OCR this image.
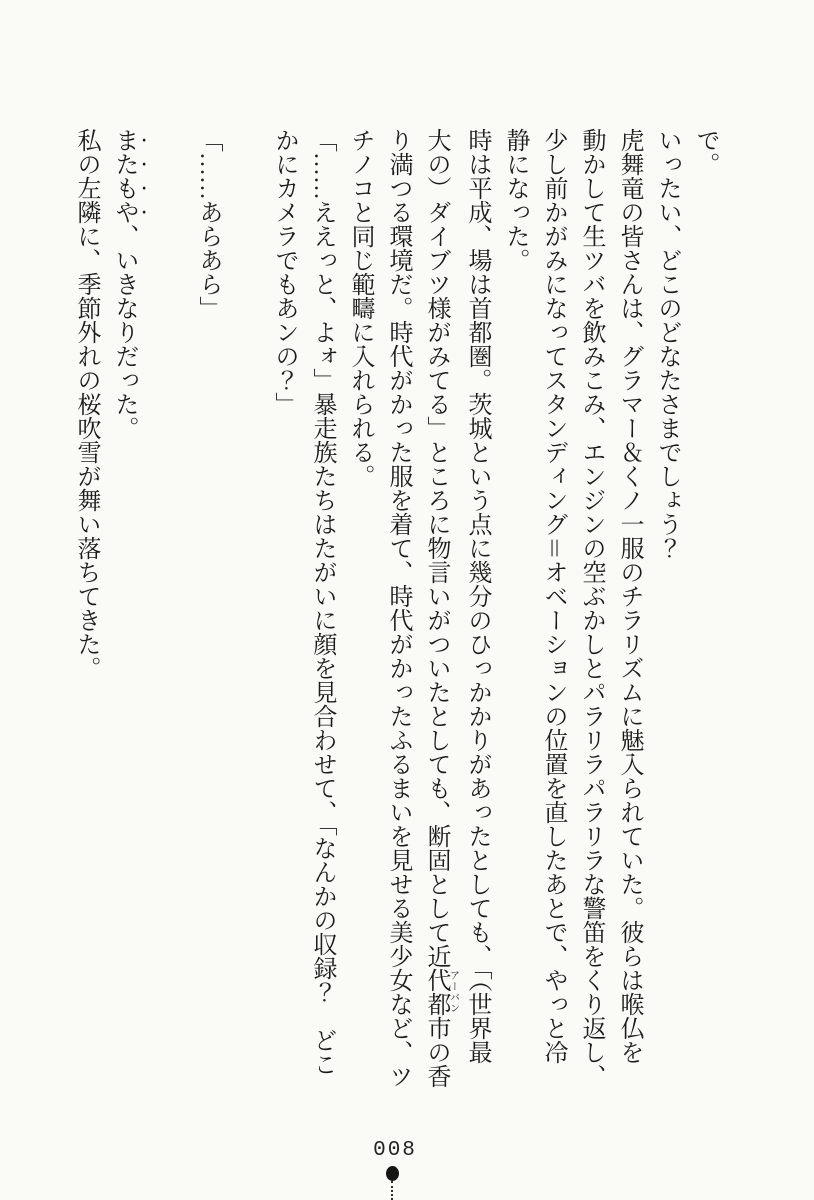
で。
いったい、どこのどなたさまでしょう？
虎舞竜の皆さんは、グラマー＆くノ一服のチラリズムに魅入られていた。彼らは喉仏を
動かして生ツバを飲みこみ、エンジンの空ぶかしとパラリラパラリラな警笛をくり返し、
少し前かがみになってスタンディング＝オベーションの位置を直したあとで、やっと冷
静になった。
時は平成、場は首都圏。茨城という点に幾分のひっかかりがあったとしても、「（世界最
大の）ダイブツ様がみてる」ところに物言いがついたとしても、断固として近代都市アーバンの香
り満つる環境だ。時代がかった服を着て、時代がかったふるまいを見せる美少女など、ツ
チノコと同じ範疇に入れられる。
「……ええっと、よォ」暴走族たちはたがいに顔を見合わせて、「なんかの収録？　どこ
かにカメラでもあンの？」
「……あらあら」
またもや、いきなりだった。
私の左隣に、季節外れの桜吹雪が舞い落ちてきた。
008
